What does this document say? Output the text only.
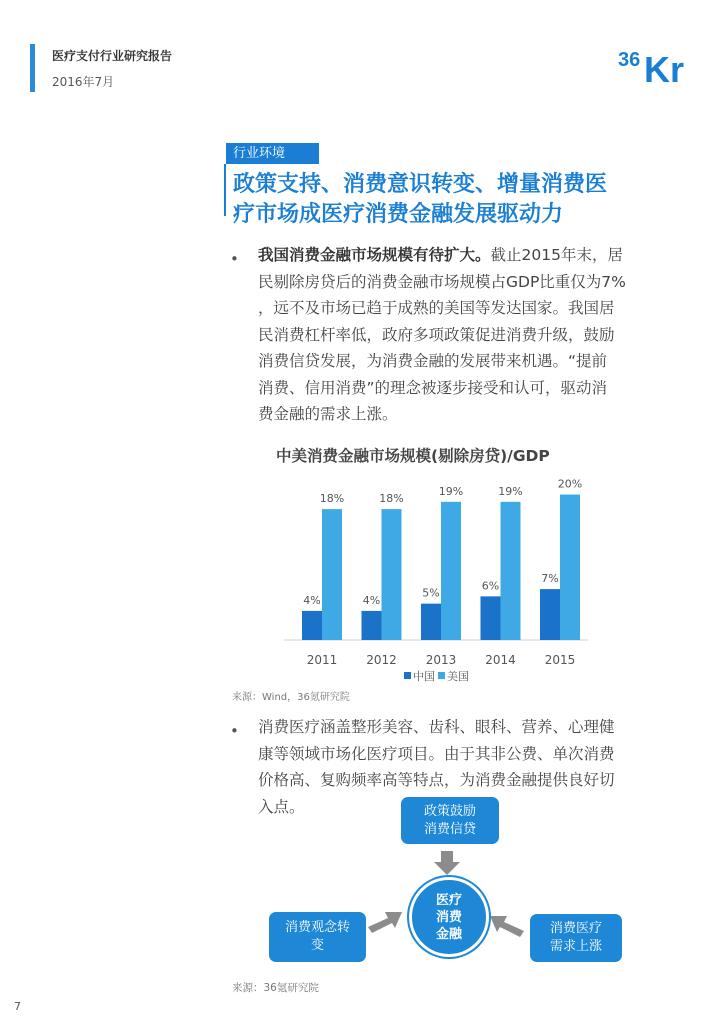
医疗支付行业研究报告
2016年7月
36 Kr
行业环境
政策支持、消费意识转变、增量消费医
疗市场成医疗消费金融发展驱动力
• 我国消费金融市场规模有待扩大。截止2015年末，居
民剔除房贷后的消费金融市场规模占GDP比重仅为7%
，远不及市场已趋于成熟的美国等发达国家。我国居
民消费杠杆率低，政府多项政策促进消费升级，鼓励
消费信贷发展，为消费金融的发展带来机遇。“提前
消费、信用消费”的理念被逐步接受和认可，驱动消
费金融的需求上涨。
中美消费金融市场规模(剔除房贷)/GDP
4%
18%
2011
4%
18%
2012
5%
19%
2013
6%
19%
2014
7%
20%
2015
中国 美国
来源：Wind，36氪研究院
• 消费医疗涵盖整形美容、齿科、眼科、营养、心理健
康等领域市场化医疗项目。由于其非公费、单次消费
价格高、复购频率高等特点，为消费金融提供良好切
入点。	政策鼓励
消费信贷
医疗
消费
金融
消费观念转
变
消费医疗
需求上涨
来源：36氪研究院
7
